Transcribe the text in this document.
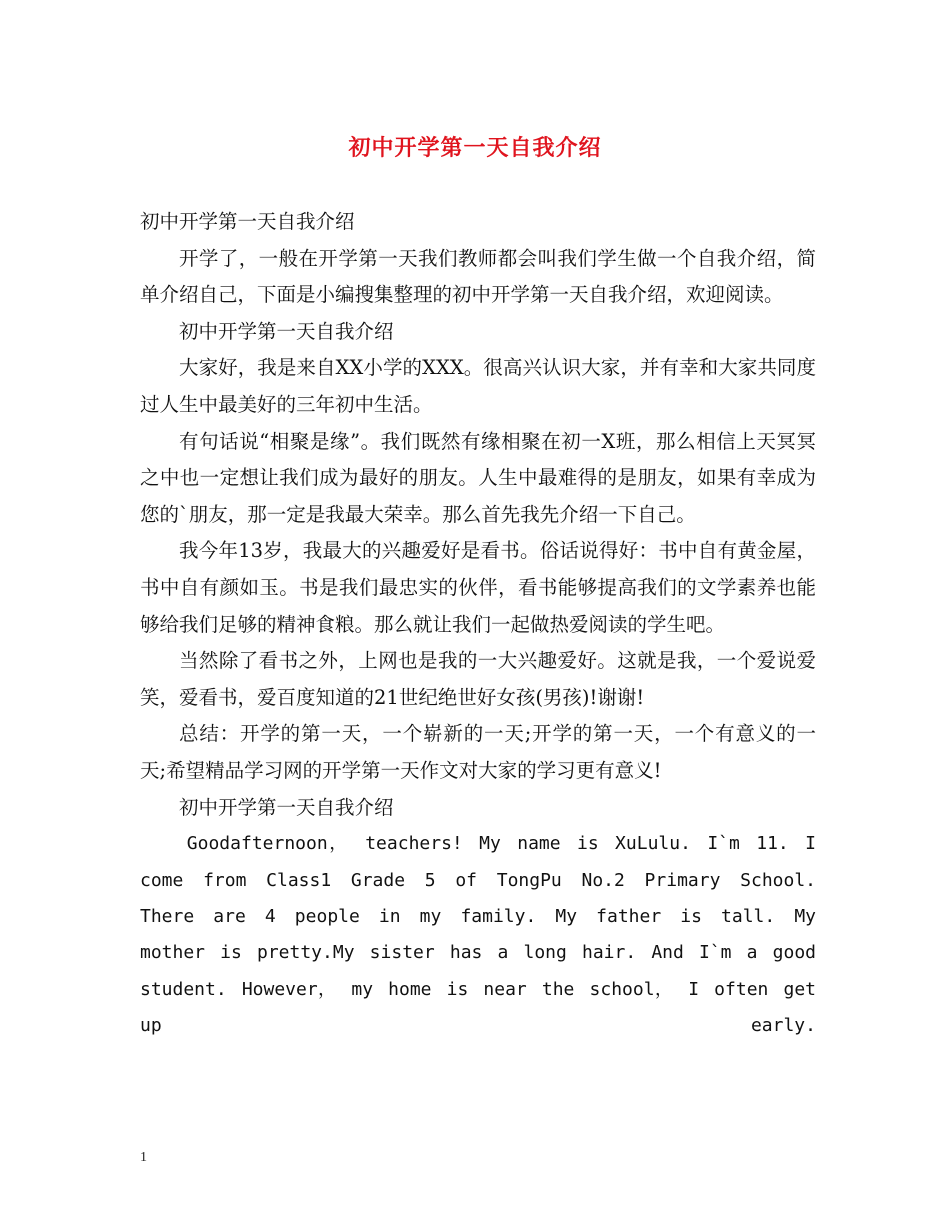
初中开学第一天自我介绍

初中开学第一天自我介绍

开学了，一般在开学第一天我们教师都会叫我们学生做一个自我介绍，简单介绍自己，下面是小编搜集整理的初中开学第一天自我介绍，欢迎阅读。

初中开学第一天自我介绍

大家好，我是来自XX小学的XXX。很高兴认识大家，并有幸和大家共同度过人生中最美好的三年初中生活。

有句话说“相聚是缘”。我们既然有缘相聚在初一X班，那么相信上天冥冥之中也一定想让我们成为最好的朋友。人生中最难得的是朋友，如果有幸成为您的`朋友，那一定是我最大荣幸。那么首先我先介绍一下自己。

我今年13岁，我最大的兴趣爱好是看书。俗话说得好：书中自有黄金屋，书中自有颜如玉。书是我们最忠实的伙伴，看书能够提高我们的文学素养也能够给我们足够的精神食粮。那么就让我们一起做热爱阅读的学生吧。

当然除了看书之外，上网也是我的一大兴趣爱好。这就是我，一个爱说爱笑，爱看书，爱百度知道的21世纪绝世好女孩(男孩)!谢谢!

总结：开学的第一天，一个崭新的一天;开学的第一天，一个有意义的一天;希望精品学习网的开学第一天作文对大家的学习更有意义!

初中开学第一天自我介绍

Goodafternoon， teachers! My name is XuLulu. I`m 11. I come from Class1 Grade 5 of TongPu No.2 Primary School. There are 4 people in my family. My father is tall. My mother is pretty.My sister has a long hair. And I`m a good student. However， my home is near the school， I often get up early.

1
